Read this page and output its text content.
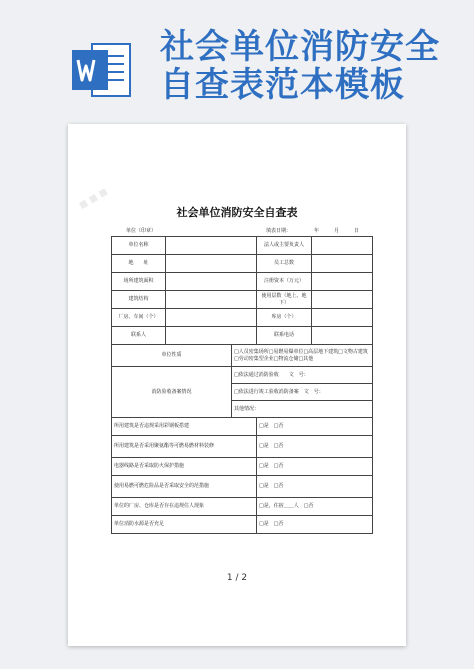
社会单位消防安全
自查表范本模板
■ ■ ■
社会单位消防安全自查表
单位（印章）	填表日期：	年	月	日
单位名称			法人或主要负责人	
地　　址			员工总数	
场所建筑面积			注册资本（万元）	
建筑结构			使用层数（地上、地下）	
厂房、车间（个）			库房（个）	
联系人			联系电话	
单位性质		□人员密集场所□易燃易爆单位□高层地下建筑□文物古建筑□劳动密集型企业□物流仓储□其他		
消防验收备案情况		□依法通过消防验收　　文　号：		
		□依法进行竣工验收消防备案　文　号：		
		其他情况：		
所用建筑是否违规采用彩钢板搭建			□是　□否	
所用建筑是否采用聚氨酯等可燃易燃材料装修			□是　□否	
电器线路是否采取防火保护措施			□是　□否	
使用易燃可燃危险品是否采取安全的范措施			□是　□否	
单位的厂房、仓库是否存在违规住人现象			□是，住宿＿＿人　□否	
单位消防水源是否充足			□是　□否	
1 / 2
